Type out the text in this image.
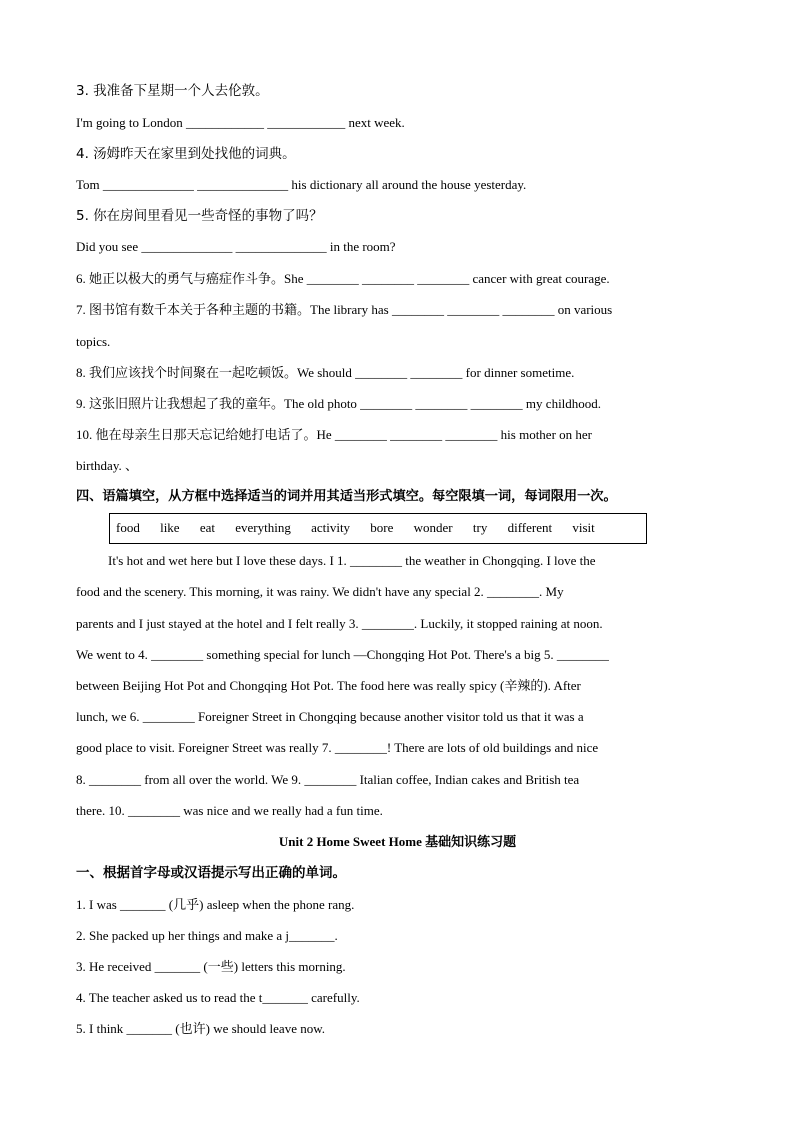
3. 我准备下星期一个人去伦敦。
I'm going to London ____________ ____________ next week.
4. 汤姆昨天在家里到处找他的词典。
Tom ______________ ______________ his dictionary all around the house yesterday.
5. 你在房间里看见一些奇怪的事物了吗？
Did you see ______________ ______________ in the room?
6. 她正以极大的勇气与癌症作斗争。She ________ ________ ________ cancer with great courage.
7. 图书馆有数千本关于各种主题的书籍。The library has ________ ________ ________ on various
topics.
8. 我们应该找个时间聚在一起吃顿饭。We should ________ ________ for dinner sometime.
9. 这张旧照片让我想起了我的童年。The old photo ________ ________ ________ my childhood.
10. 他在母亲生日那天忘记给她打电话了。He ________ ________ ________ his mother on her
birthday. 、
四、语篇填空，从方框中选择适当的词并用其适当形式填空。每空限填一词，每词限用一次。
food like eat everything activity bore wonder try different visit
It's hot and wet here but I love these days. I 1. ________ the weather in Chongqing. I love the
food and the scenery. This morning, it was rainy. We didn't have any special 2. ________. My
parents and I just stayed at the hotel and I felt really 3. ________. Luckily, it stopped raining at noon.
We went to 4. ________ something special for lunch —Chongqing Hot Pot. There's a big 5. ________
between Beijing Hot Pot and Chongqing Hot Pot. The food here was really spicy (辛辣的). After
lunch, we 6. ________ Foreigner Street in Chongqing because another visitor told us that it was a
good place to visit. Foreigner Street was really 7. ________! There are lots of old buildings and nice
8. ________ from all over the world. We 9. ________ Italian coffee, Indian cakes and British tea
there. 10. ________ was nice and we really had a fun time.
Unit 2 Home Sweet Home 基础知识练习题
一、根据首字母或汉语提示写出正确的单词。
1. I was _______ (几乎) asleep when the phone rang.
2. She packed up her things and make a j_______.
3. He received _______ (一些) letters this morning.
4. The teacher asked us to read the t_______ carefully.
5. I think _______ (也许) we should leave now.
